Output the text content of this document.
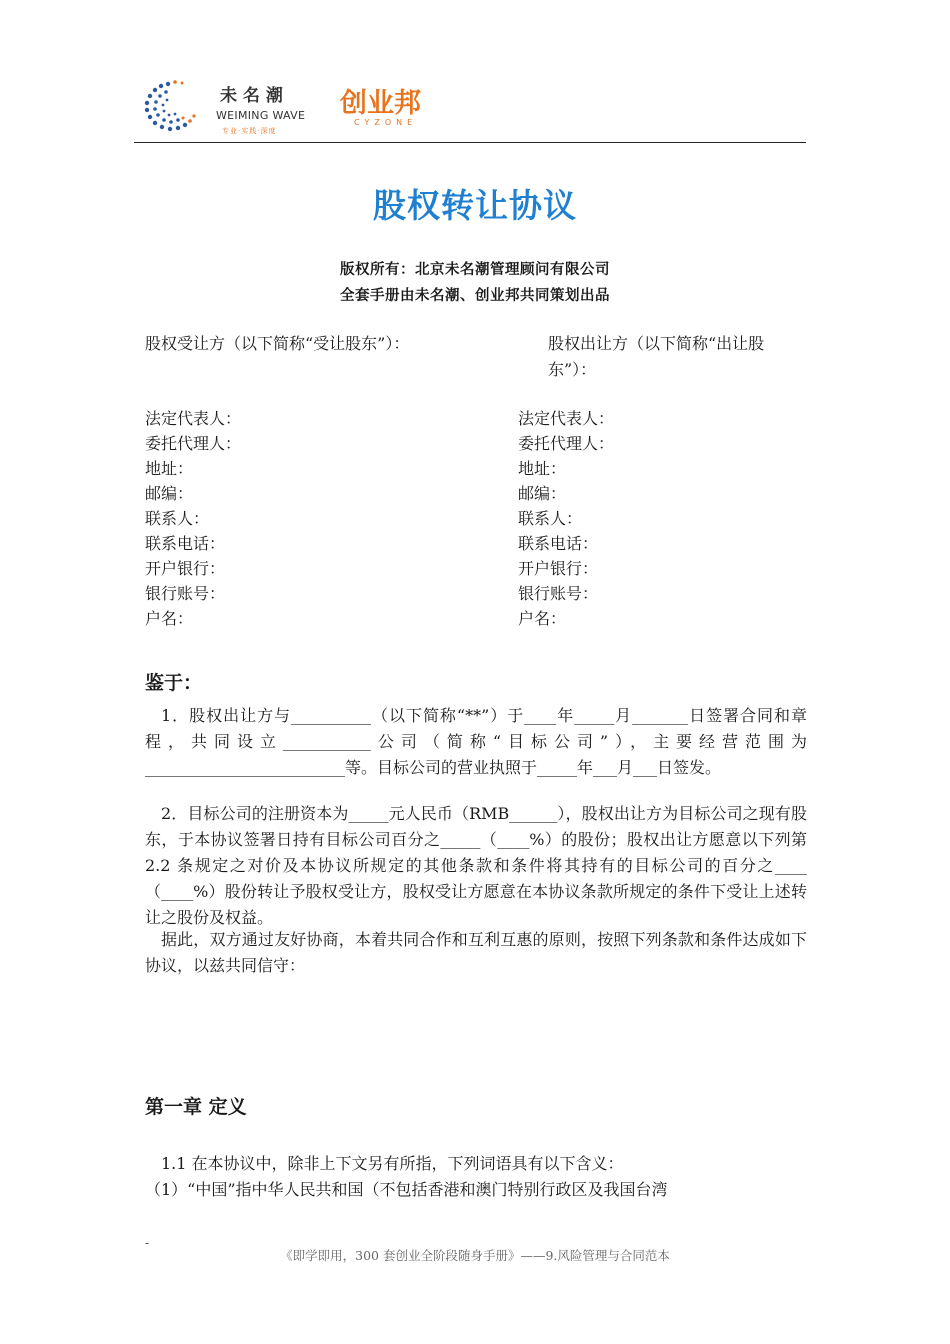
未 名 潮
WEIMING WAVE
专业·实践·深度
创业邦
CYZONE
股权转让协议
版权所有：北京未名潮管理顾问有限公司
全套手册由未名潮、创业邦共同策划出品
股权受让方（以下简称“受让股东”）：	股权出让方（以下简称“出让股东”）：
法定代表人：
委托代理人：
地址：
邮编：
联系人：
联系电话：
开户银行：
银行账号：
户名：
法定代表人：
委托代理人：
地址：
邮编：
联系人：
联系电话：
开户银行：
银行账号：
户名：
鉴于：
1．股权出让方与__________（以下简称“**”）于____年_____月_______日签署合同和章程，共同设立___________公司（简称“目标公司”），主要经营范围为_________________________等。目标公司的营业执照于_____年___月___日签发。
2．目标公司的注册资本为_____元人民币（RMB______），股权出让方为目标公司之现有股东，于本协议签署日持有目标公司百分之_____（____%）的股份；股权出让方愿意以下列第 2.2 条规定之对价及本协议所规定的其他条款和条件将其持有的目标公司的百分之____（____%）股份转让予股权受让方，股权受让方愿意在本协议条款所规定的条件下受让上述转让之股份及权益。
据此，双方通过友好协商，本着共同合作和互利互惠的原则，按照下列条款和条件达成如下协议，以兹共同信守：
第一章 定义
1.1 在本协议中，除非上下文另有所指，下列词语具有以下含义：
（1）“中国”指中华人民共和国（不包括香港和澳门特别行政区及我国台湾
-
《即学即用，300 套创业全阶段随身手册》——9.风险管理与合同范本
